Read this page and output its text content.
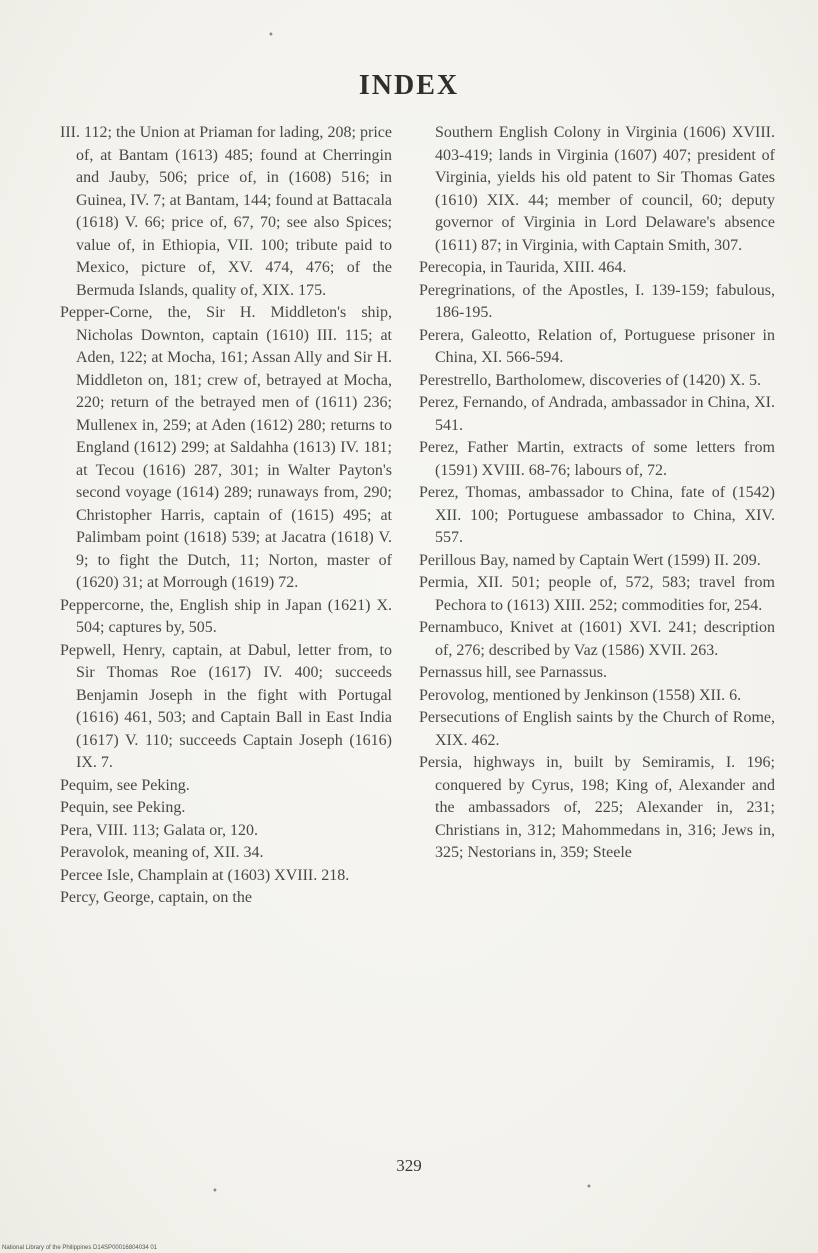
•
INDEX

III. 112; the Union at Priaman for lading, 208; price of, at Bantam (1613) 485; found at Cherringin and Jauby, 506; price of, in (1608) 516; in Guinea, IV. 7; at Bantam, 144; found at Battacala (1618) V. 66; price of, 67, 70; see also Spices; value of, in Ethiopia, VII. 100; tribute paid to Mexico, picture of, XV. 474, 476; of the Bermuda Islands, quality of, XIX. 175.

Pepper-Corne, the, Sir H. Middleton's ship, Nicholas Downton, captain (1610) III. 115; at Aden, 122; at Mocha, 161; Assan Ally and Sir H. Middleton on, 181; crew of, betrayed at Mocha, 220; return of the betrayed men of (1611) 236; Mullenex in, 259; at Aden (1612) 280; returns to England (1612) 299; at Saldahha (1613) IV. 181; at Tecou (1616) 287, 301; in Walter Payton's second voyage (1614) 289; runaways from, 290; Christopher Harris, captain of (1615) 495; at Palimbam point (1618) 539; at Jacatra (1618) V. 9; to fight the Dutch, 11; Norton, master of (1620) 31; at Morrough (1619) 72.

Peppercorne, the, English ship in Japan (1621) X. 504; captures by, 505.

Pepwell, Henry, captain, at Dabul, letter from, to Sir Thomas Roe (1617) IV. 400; succeeds Benjamin Joseph in the fight with Portugal (1616) 461, 503; and Captain Ball in East India (1617) V. 110; succeeds Captain Joseph (1616) IX. 7.

Pequim, see Peking.

Pequin, see Peking.

Pera, VIII. 113; Galata or, 120.

Peravolok, meaning of, XII. 34.

Percee Isle, Champlain at (1603) XVIII. 218.

Percy, George, captain, on the

Southern English Colony in Virginia (1606) XVIII. 403-419; lands in Virginia (1607) 407; president of Virginia, yields his old patent to Sir Thomas Gates (1610) XIX. 44; member of council, 60; deputy governor of Virginia in Lord Delaware's absence (1611) 87; in Virginia, with Captain Smith, 307.

Perecopia, in Taurida, XIII. 464.

Peregrinations, of the Apostles, I. 139-159; fabulous, 186-195.

Perera, Galeotto, Relation of, Portuguese prisoner in China, XI. 566-594.

Perestrello, Bartholomew, discoveries of (1420) X. 5.

Perez, Fernando, of Andrada, ambassador in China, XI. 541.

Perez, Father Martin, extracts of some letters from (1591) XVIII. 68-76; labours of, 72.

Perez, Thomas, ambassador to China, fate of (1542) XII. 100; Portuguese ambassador to China, XIV. 557.

Perillous Bay, named by Captain Wert (1599) II. 209.

Permia, XII. 501; people of, 572, 583; travel from Pechora to (1613) XIII. 252; commodities for, 254.

Pernambuco, Knivet at (1601) XVI. 241; description of, 276; described by Vaz (1586) XVII. 263.

Pernassus hill, see Parnassus.

Perovolog, mentioned by Jenkinson (1558) XII. 6.

Persecutions of English saints by the Church of Rome, XIX. 462.

Persia, highways in, built by Semiramis, I. 196; conquered by Cyrus, 198; King of, Alexander and the ambassadors of, 225; Alexander in, 231; Christians in, 312; Mahommedans in, 316; Jews in, 325; Nestorians in, 359; Steele

329
•	•
National Library of the Philippines D14SP00016804034 01
